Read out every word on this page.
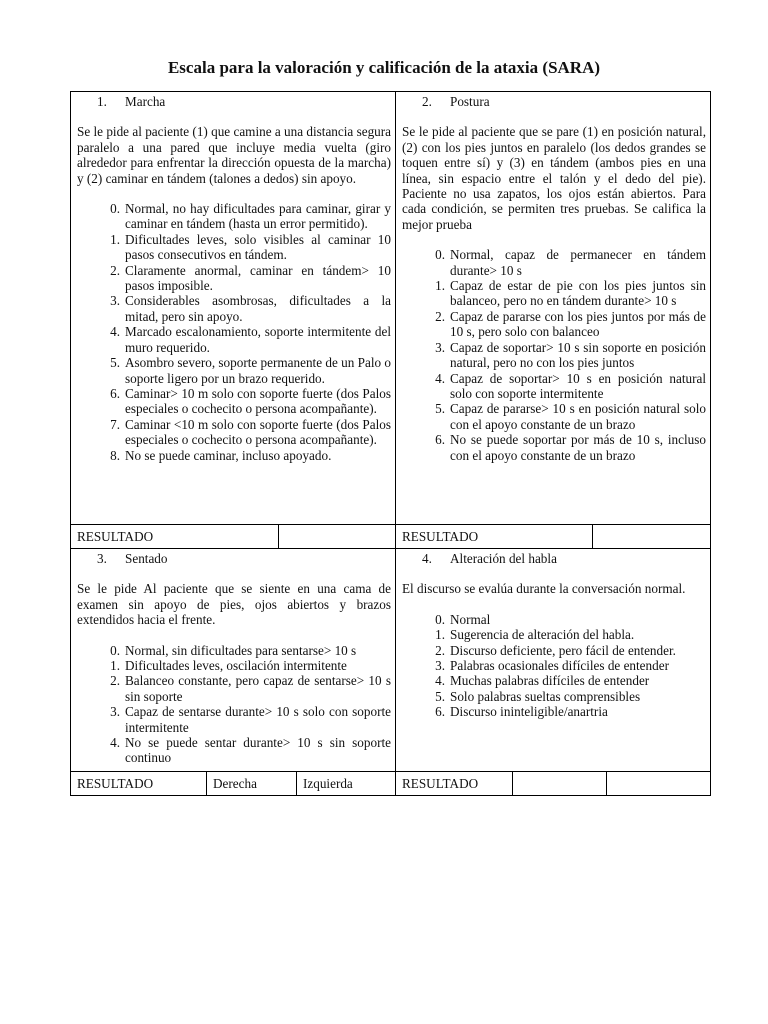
Escala para la valoración y calificación de la ataxia (SARA)
1.	Marcha

Se le pide al paciente (1) que camine a una distancia segura paralelo a una pared que incluye media vuelta (giro alrededor para enfrentar la dirección opuesta de la marcha) y (2) caminar en tándem (talones a dedos) sin apoyo.

0. Normal, no hay dificultades para caminar, girar y caminar en tándem (hasta un error permitido).
1. Dificultades leves, solo visibles al caminar 10 pasos consecutivos en tándem.
2. Claramente anormal, caminar en tándem> 10 pasos imposible.
3. Considerables asombrosas, dificultades a la mitad, pero sin apoyo.
4. Marcado escalonamiento, soporte intermitente del muro requerido.
5. Asombro severo, soporte permanente de un Palo o soporte ligero por un brazo requerido.
6. Caminar> 10 m solo con soporte fuerte (dos Palos especiales o cochecito o persona acompañante).
7. Caminar <10 m solo con soporte fuerte (dos Palos especiales o cochecito o persona acompañante).
8. No se puede caminar, incluso apoyado.
2.	Postura

Se le pide al paciente que se pare (1) en posición natural, (2) con los pies juntos en paralelo (los dedos grandes se toquen entre sí) y (3) en tándem (ambos pies en una línea, sin espacio entre el talón y el dedo del pie). Paciente no usa zapatos, los ojos están abiertos. Para cada condición, se permiten tres pruebas. Se califica la mejor prueba

0. Normal, capaz de permanecer en tándem durante> 10 s
1. Capaz de estar de pie con los pies juntos sin balanceo, pero no en tándem durante> 10 s
2. Capaz de pararse con los pies juntos por más de 10 s, pero solo con balanceo
3. Capaz de soportar> 10 s sin soporte en posición natural, pero no con los pies juntos
4. Capaz de soportar> 10 s en posición natural solo con soporte intermitente
5. Capaz de pararse> 10 s en posición natural solo con el apoyo constante de un brazo
6. No se puede soportar por más de 10 s, incluso con el apoyo constante de un brazo
RESULTADO	RESULTADO
3.	Sentado

Se le pide Al paciente que se siente en una cama de examen sin apoyo de pies, ojos abiertos y brazos extendidos hacia el frente.

0. Normal, sin dificultades para sentarse> 10 s
1. Dificultades leves, oscilación intermitente
2. Balanceo constante, pero capaz de sentarse> 10 s sin soporte
3. Capaz de sentarse durante> 10 s solo con soporte intermitente
4. No se puede sentar durante> 10 s sin soporte continuo
4.	Alteración del habla

El discurso se evalúa durante la conversación normal.

0. Normal
1. Sugerencia de alteración del habla.
2. Discurso deficiente, pero fácil de entender.
3. Palabras ocasionales difíciles de entender
4. Muchas palabras difíciles de entender
5. Solo palabras sueltas comprensibles
6. Discurso ininteligible/anartria
RESULTADO	Derecha	Izquierda	RESULTADO
